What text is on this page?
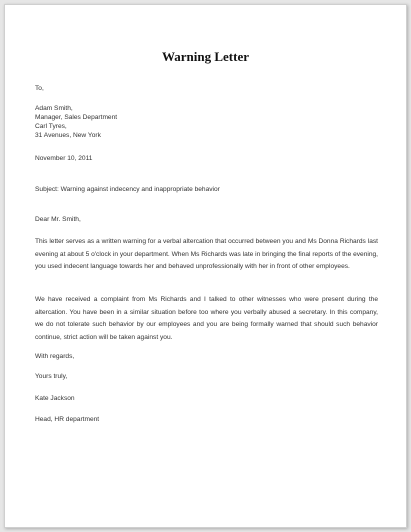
Warning Letter
To,
Adam Smith,
Manager, Sales Department
Carl Tyres,
31 Avenues, New York
November 10, 2011
Subject: Warning against indecency and inappropriate behavior
Dear Mr. Smith,
This letter serves as a written warning for a verbal altercation that occurred between you and Ms Donna Richards last evening at about 5 o'clock in your department. When Ms Richards was late in bringing the final reports of the evening, you used indecent language towards her and behaved unprofessionally with her in front of other employees.
We have received a complaint from Ms Richards and I talked to other witnesses who were present during the altercation. You have been in a similar situation before too where you verbally abused a secretary. In this company, we do not tolerate such behavior by our employees and you are being formally warned that should such behavior continue, strict action will be taken against you.
With regards,
Yours truly,
Kate Jackson
Head, HR department
